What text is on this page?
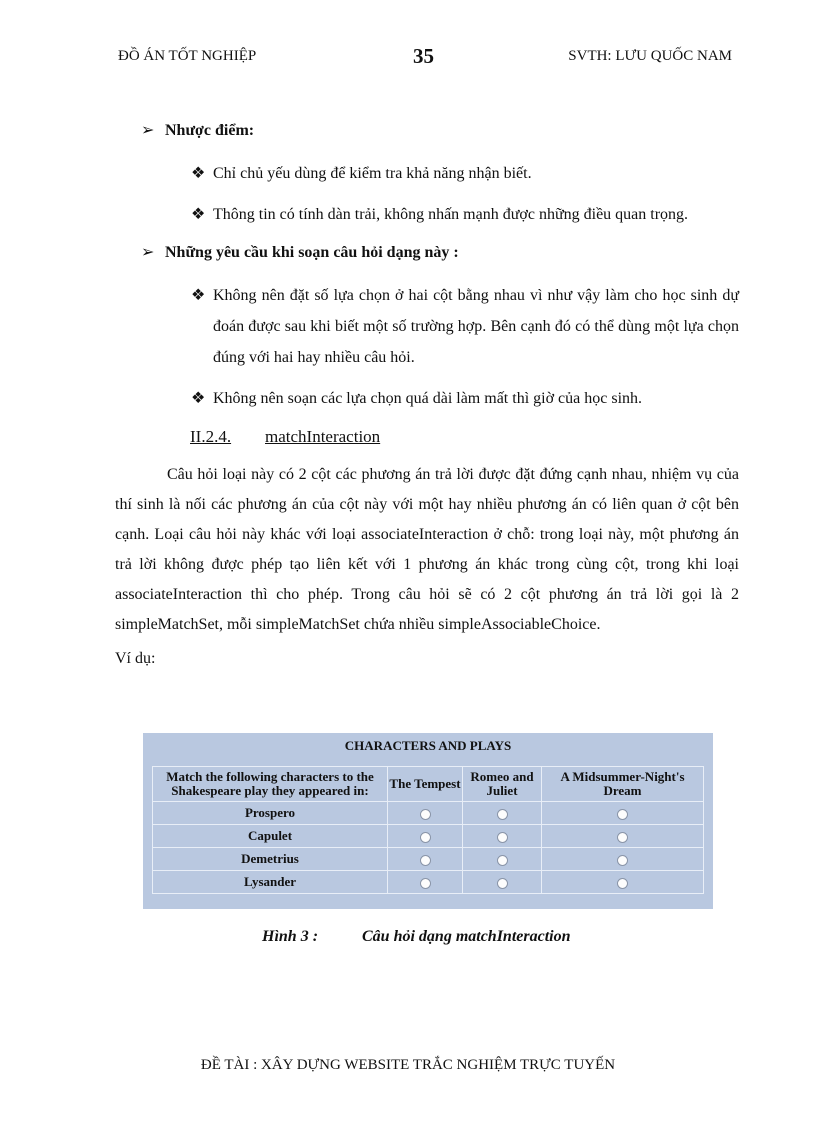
ĐỒ ÁN TỐT NGHIỆP	35	SVTH: LƯU QUỐC NAM
➢ Nhược điểm:
❖ Chỉ chủ yếu dùng để kiểm tra khả năng nhận biết.
❖ Thông tin có tính dàn trải, không nhấn mạnh được những điều quan trọng.
➢ Những yêu cầu khi soạn câu hỏi dạng này :
❖ Không nên đặt số lựa chọn ở hai cột bằng nhau vì như vậy làm cho học sinh dự đoán được sau khi biết một số trường hợp. Bên cạnh đó có thể dùng một lựa chọn đúng với hai hay nhiều câu hỏi.
❖ Không nên soạn các lựa chọn quá dài làm mất thì giờ của học sinh.
II.2.4. matchInteraction

Câu hỏi loại này có 2 cột các phương án trả lời được đặt đứng cạnh nhau, nhiệm vụ của thí sinh là nối các phương án của cột này với một hay nhiều phương án có liên quan ở cột bên cạnh. Loại câu hỏi này khác với loại associateInteraction ở chỗ: trong loại này, một phương án trả lời không được phép tạo liên kết với 1 phương án khác trong cùng cột, trong khi loại associateInteraction thì cho phép. Trong câu hỏi sẽ có 2 cột phương án trả lời gọi là 2 simpleMatchSet, mỗi simpleMatchSet chứa nhiều simpleAssociableChoice.

Ví dụ:

CHARACTERS AND PLAYS
Match the following characters to the Shakespeare play they appeared in:	The Tempest	Romeo and Juliet	A Midsummer-Night's Dream
Prospero			
Capulet			
Demetrius			
Lysander			
Hình 3 :	Câu hỏi dạng matchInteraction
ĐỀ TÀI : XÂY DỰNG WEBSITE TRẮC NGHIỆM TRỰC TUYẾN
